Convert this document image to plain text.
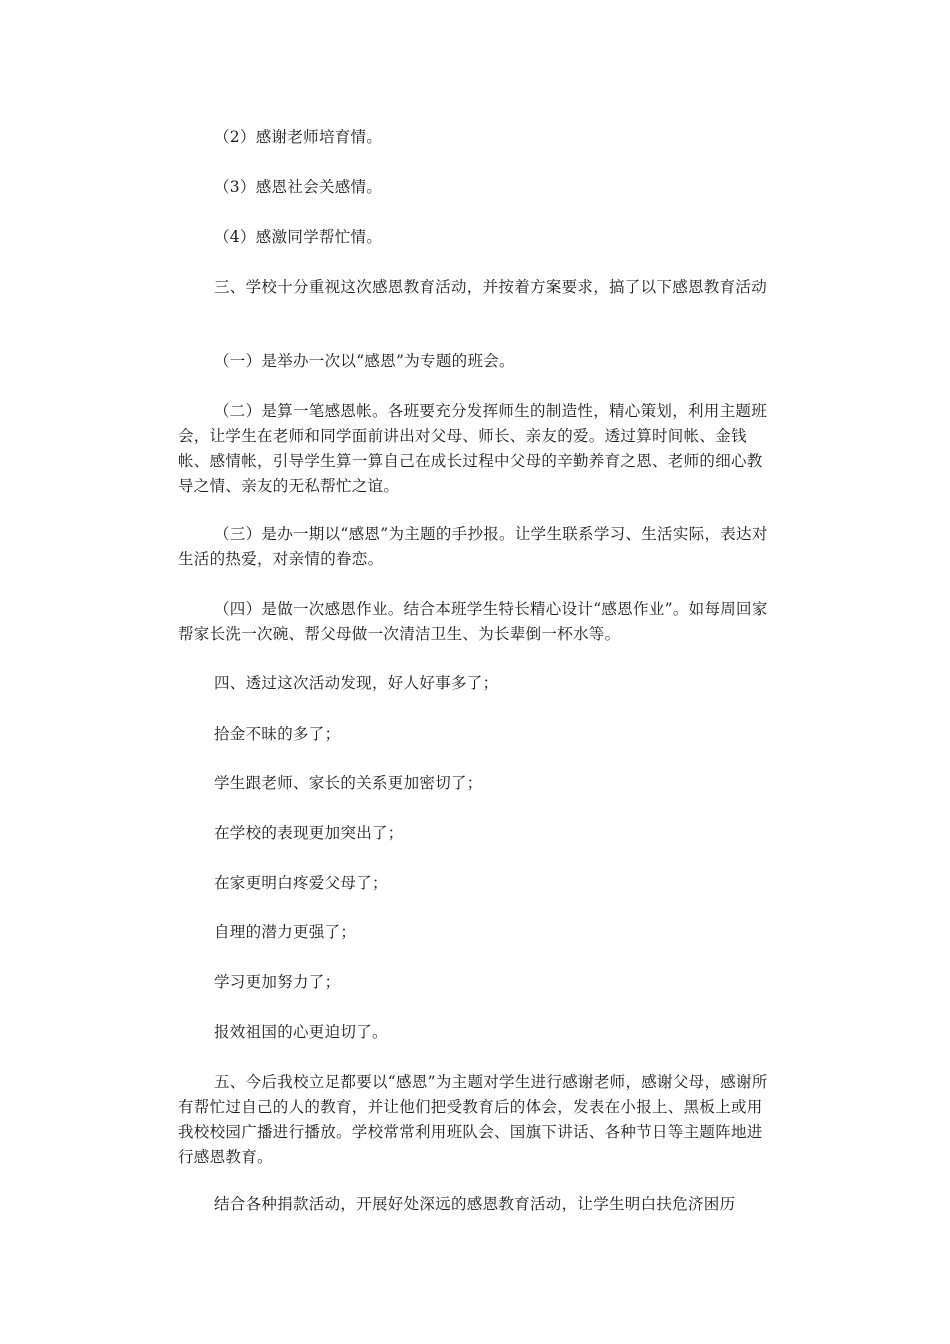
（2）感谢老师培育情。

（3）感恩社会关感情。

（4）感激同学帮忙情。

三、学校十分重视这次感恩教育活动，并按着方案要求，搞了以下感恩教育活动

（一）是举办一次以“感恩”为专题的班会。

（二）是算一笔感恩帐。各班要充分发挥师生的制造性，精心策划，利用主题班会，让学生在老师和同学面前讲出对父母、师长、亲友的爱。透过算时间帐、金钱帐、感情帐，引导学生算一算自己在成长过程中父母的辛勤养育之恩、老师的细心教导之情、亲友的无私帮忙之谊。

（三）是办一期以“感恩”为主题的手抄报。让学生联系学习、生活实际，表达对生活的热爱，对亲情的眷恋。

（四）是做一次感恩作业。结合本班学生特长精心设计“感恩作业”。如每周回家帮家长洗一次碗、帮父母做一次清洁卫生、为长辈倒一杯水等。

四、透过这次活动发现，好人好事多了；

拾金不昧的多了；

学生跟老师、家长的关系更加密切了；

在学校的表现更加突出了；

在家更明白疼爱父母了；

自理的潜力更强了；

学习更加努力了；

报效祖国的心更迫切了。

五、今后我校立足都要以“感恩”为主题对学生进行感谢老师，感谢父母，感谢所有帮忙过自己的人的教育，并让他们把受教育后的体会，发表在小报上、黑板上或用我校校园广播进行播放。学校常常利用班队会、国旗下讲话、各种节日等主题阵地进行感恩教育。

结合各种捐款活动，开展好处深远的感恩教育活动，让学生明白扶危济困历
